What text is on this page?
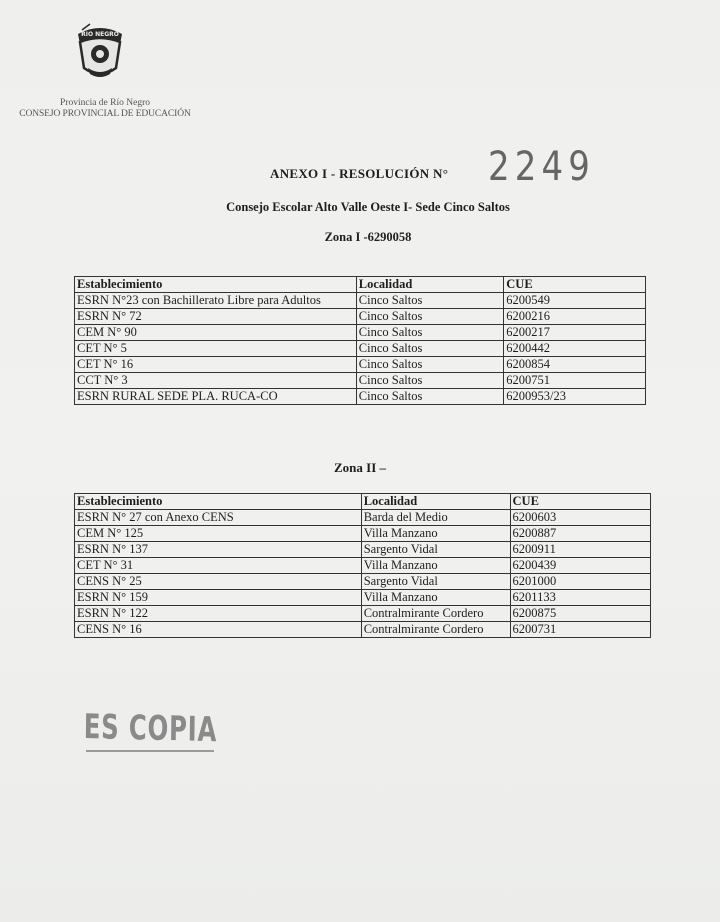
RIO NEGRO
Provincia de Río Negro
CONSEJO PROVINCIAL DE EDUCACIÓN
ANEXO I - RESOLUCIÓN N° 2249
Consejo Escolar Alto Valle Oeste I- Sede Cinco Saltos
Zona I -6290058
Establecimiento	Localidad	CUE
ESRN N°23 con Bachillerato Libre para Adultos	Cinco Saltos	6200549
ESRN N° 72	Cinco Saltos	6200216
CEM N° 90	Cinco Saltos	6200217
CET N° 5	Cinco Saltos	6200442
CET N° 16	Cinco Saltos	6200854
CCT N° 3	Cinco Saltos	6200751
ESRN RURAL SEDE PLA. RUCA-CO	Cinco Saltos	6200953/23
Zona II –
Establecimiento	Localidad	CUE
ESRN N° 27 con Anexo CENS	Barda del Medio	6200603
CEM N° 125	Villa Manzano	6200887
ESRN N° 137	Sargento Vidal	6200911
CET N° 31	Villa Manzano	6200439
CENS N° 25	Sargento Vidal	6201000
ESRN N° 159	Villa Manzano	6201133
ESRN N° 122	Contralmirante Cordero	6200875
CENS N° 16	Contralmirante Cordero	6200731
ES COPIA
